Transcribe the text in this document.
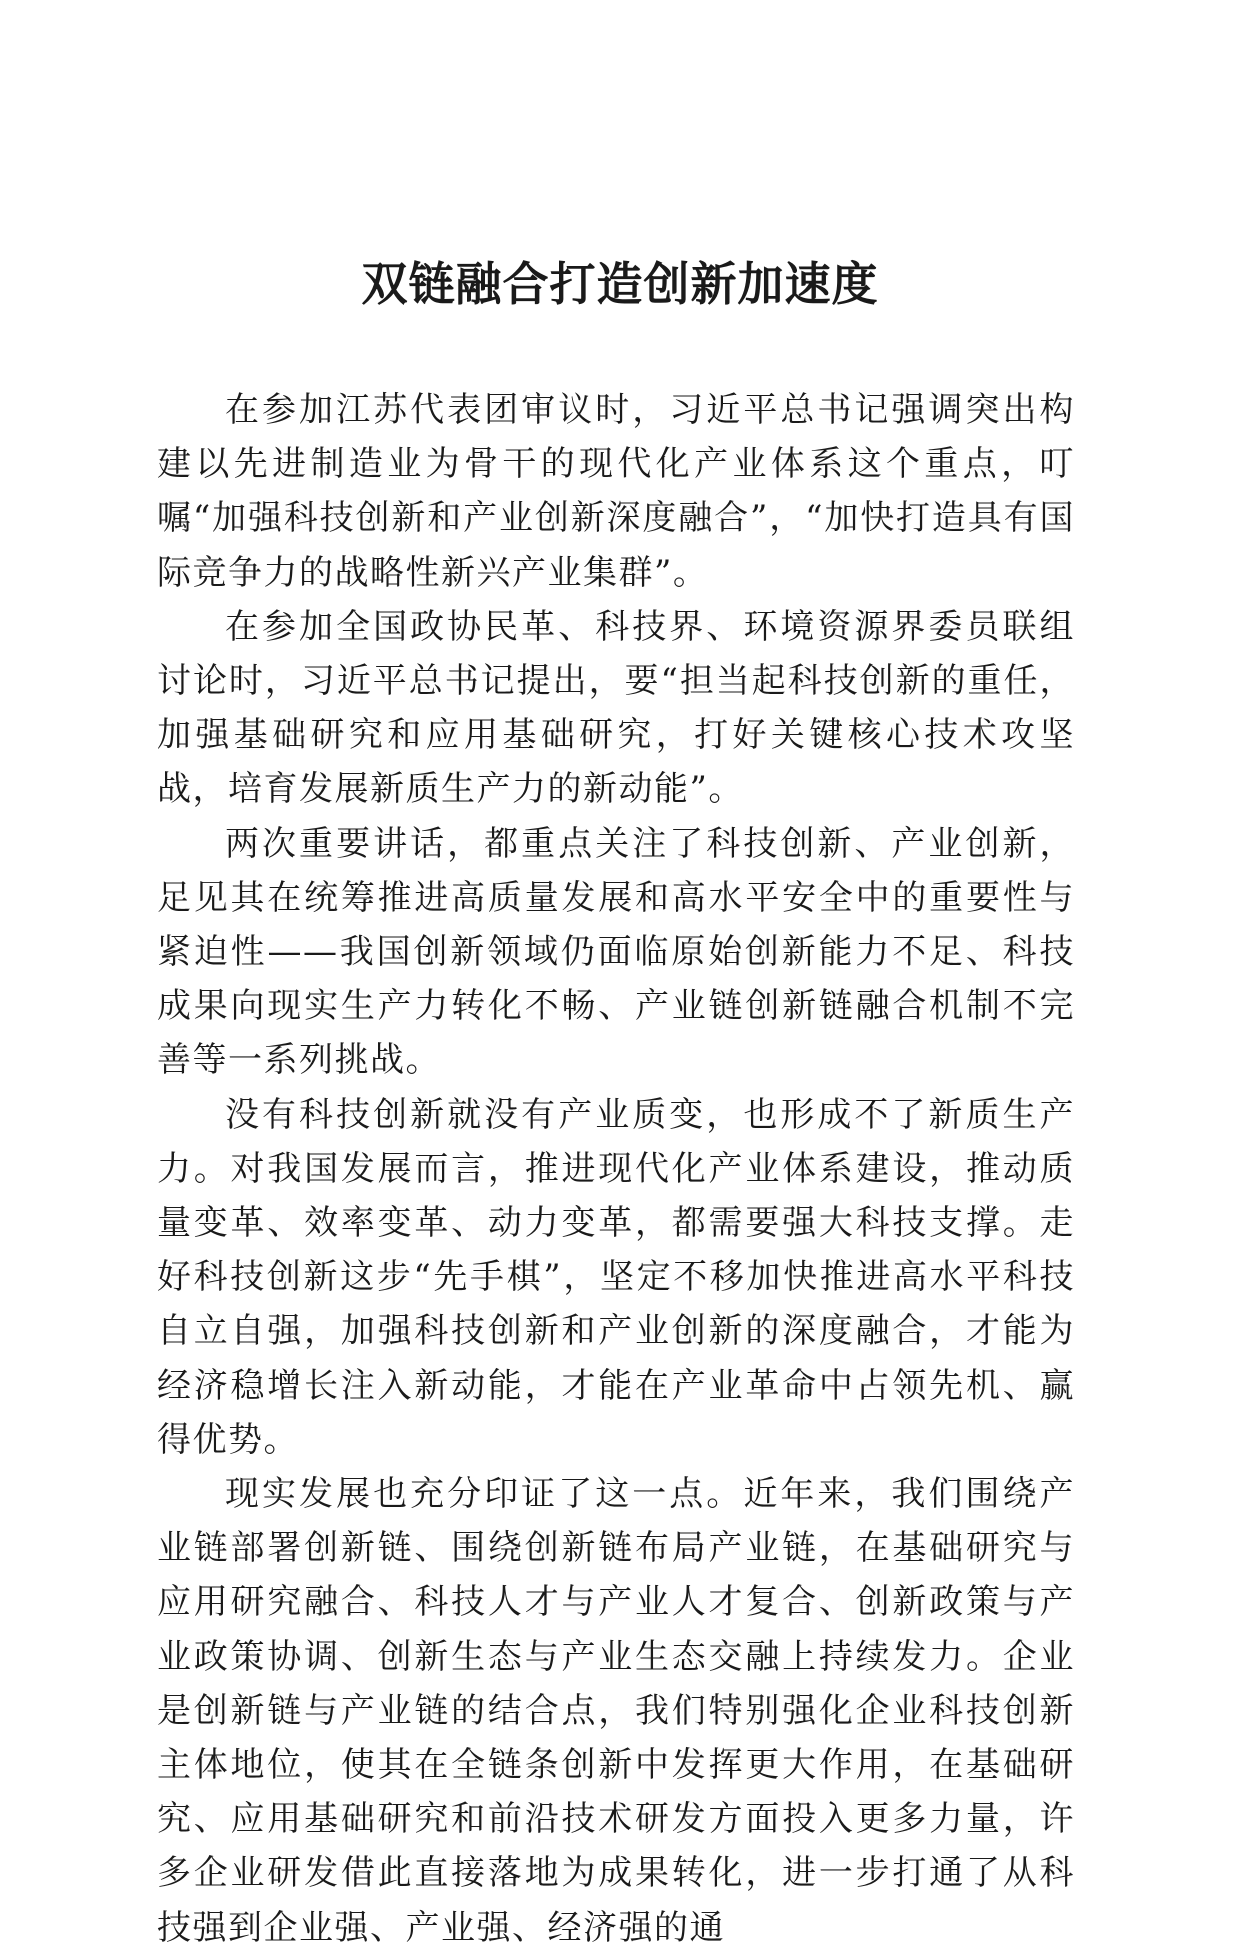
双链融合打造创新加速度

在参加江苏代表团审议时，习近平总书记强调突出构建以先进制造业为骨干的现代化产业体系这个重点，叮嘱“加强科技创新和产业创新深度融合”，“加快打造具有国际竞争力的战略性新兴产业集群”。

在参加全国政协民革、科技界、环境资源界委员联组讨论时，习近平总书记提出，要“担当起科技创新的重任，加强基础研究和应用基础研究，打好关键核心技术攻坚战，培育发展新质生产力的新动能”。

两次重要讲话，都重点关注了科技创新、产业创新，足见其在统筹推进高质量发展和高水平安全中的重要性与紧迫性——我国创新领域仍面临原始创新能力不足、科技成果向现实生产力转化不畅、产业链创新链融合机制不完善等一系列挑战。

没有科技创新就没有产业质变，也形成不了新质生产力。对我国发展而言，推进现代化产业体系建设，推动质量变革、效率变革、动力变革，都需要强大科技支撑。走好科技创新这步“先手棋”，坚定不移加快推进高水平科技自立自强，加强科技创新和产业创新的深度融合，才能为经济稳增长注入新动能，才能在产业革命中占领先机、赢得优势。

现实发展也充分印证了这一点。近年来，我们围绕产业链部署创新链、围绕创新链布局产业链，在基础研究与应用研究融合、科技人才与产业人才复合、创新政策与产业政策协调、创新生态与产业生态交融上持续发力。企业是创新链与产业链的结合点，我们特别强化企业科技创新主体地位，使其在全链条创新中发挥更大作用，在基础研究、应用基础研究和前沿技术研发方面投入更多力量，许多企业研发借此直接落地为成果转化，进一步打通了从科技强到企业强、产业强、经济强的通
